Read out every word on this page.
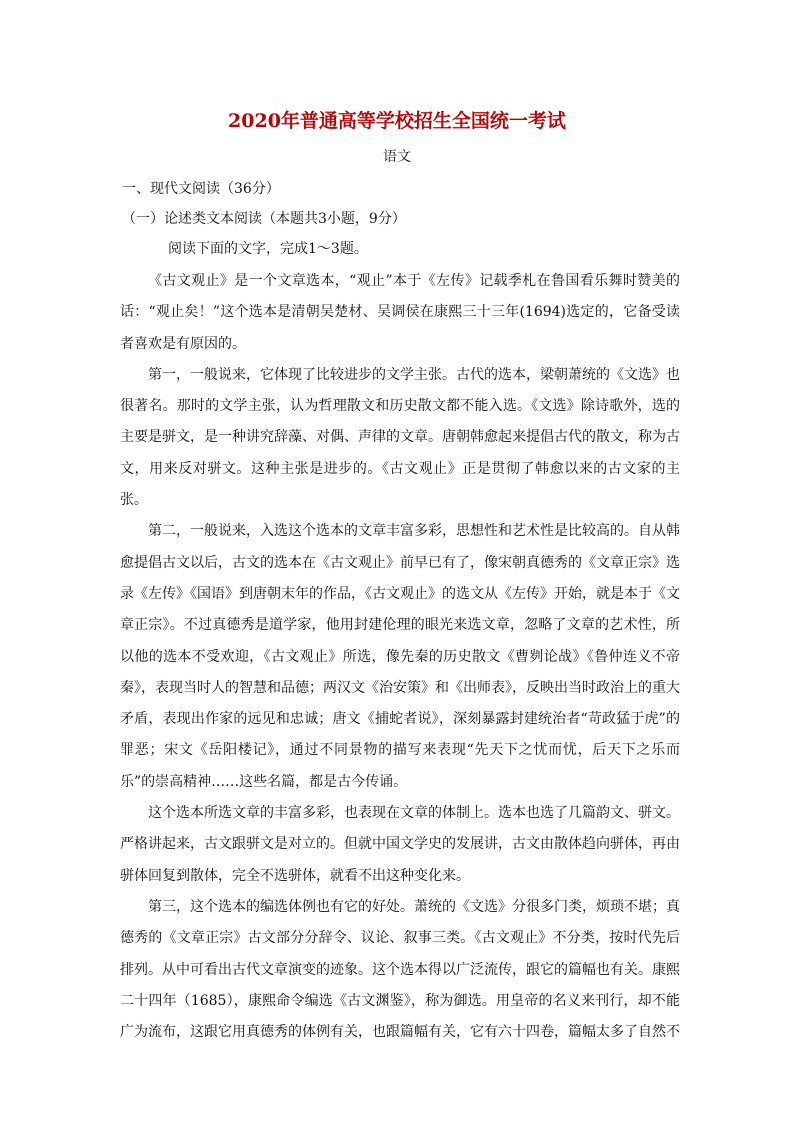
2020年普通高等学校招生全国统一考试
语文
一、现代文阅读（36分）
（一）论述类文本阅读（本题共3小题，9分）
阅读下面的文字，完成1～3题。

《古文观止》是一个文章选本，“观止”本于《左传》记载季札在鲁国看乐舞时赞美的话：“观止矣！”这个选本是清朝吴楚材、吴调侯在康熙三十三年(1694)选定的，它备受读者喜欢是有原因的。

第一，一般说来，它体现了比较进步的文学主张。古代的选本，梁朝萧统的《文选》也很著名。那时的文学主张，认为哲理散文和历史散文都不能入选。《文选》除诗歌外，选的主要是骈文，是一种讲究辞藻、对偶、声律的文章。唐朝韩愈起来提倡古代的散文，称为古文，用来反对骈文。这种主张是进步的。《古文观止》正是贯彻了韩愈以来的古文家的主张。

第二，一般说来，入选这个选本的文章丰富多彩，思想性和艺术性是比较高的。自从韩愈提倡古文以后，古文的选本在《古文观止》前早已有了，像宋朝真德秀的《文章正宗》选录《左传》《国语》到唐朝末年的作品，《古文观止》的选文从《左传》开始，就是本于《文章正宗》。不过真德秀是道学家，他用封建伦理的眼光来选文章，忽略了文章的艺术性，所以他的选本不受欢迎，《古文观止》所选，像先秦的历史散文《曹刿论战》《鲁仲连义不帝秦》，表现当时人的智慧和品德；两汉文《治安策》和《出师表》，反映出当时政治上的重大矛盾，表现出作家的远见和忠诚；唐文《捕蛇者说》，深刻暴露封建统治者“苛政猛于虎”的罪恶；宋文《岳阳楼记》，通过不同景物的描写来表现“先天下之忧而忧，后天下之乐而乐”的崇高精神……这些名篇，都是古今传诵。

这个选本所选文章的丰富多彩，也表现在文章的体制上。选本也选了几篇韵文、骈文。严格讲起来，古文跟骈文是对立的。但就中国文学史的发展讲，古文由散体趋向骈体，再由骈体回复到散体，完全不选骈体，就看不出这种变化来。

第三，这个选本的编选体例也有它的好处。萧统的《文选》分很多门类，烦琐不堪；真德秀的《文章正宗》古文部分分辞令、议论、叙事三类。《古文观止》不分类，按时代先后排列。从中可看出古代文章演变的迹象。这个选本得以广泛流传，跟它的篇幅也有关。康熙二十四年（1685），康熙命令编选《古文渊鉴》，称为御选。用皇帝的名义来刊行，却不能广为流布，这跟它用真德秀的体例有关，也跟篇幅有关，它有六十四卷，篇幅太多了自然不
